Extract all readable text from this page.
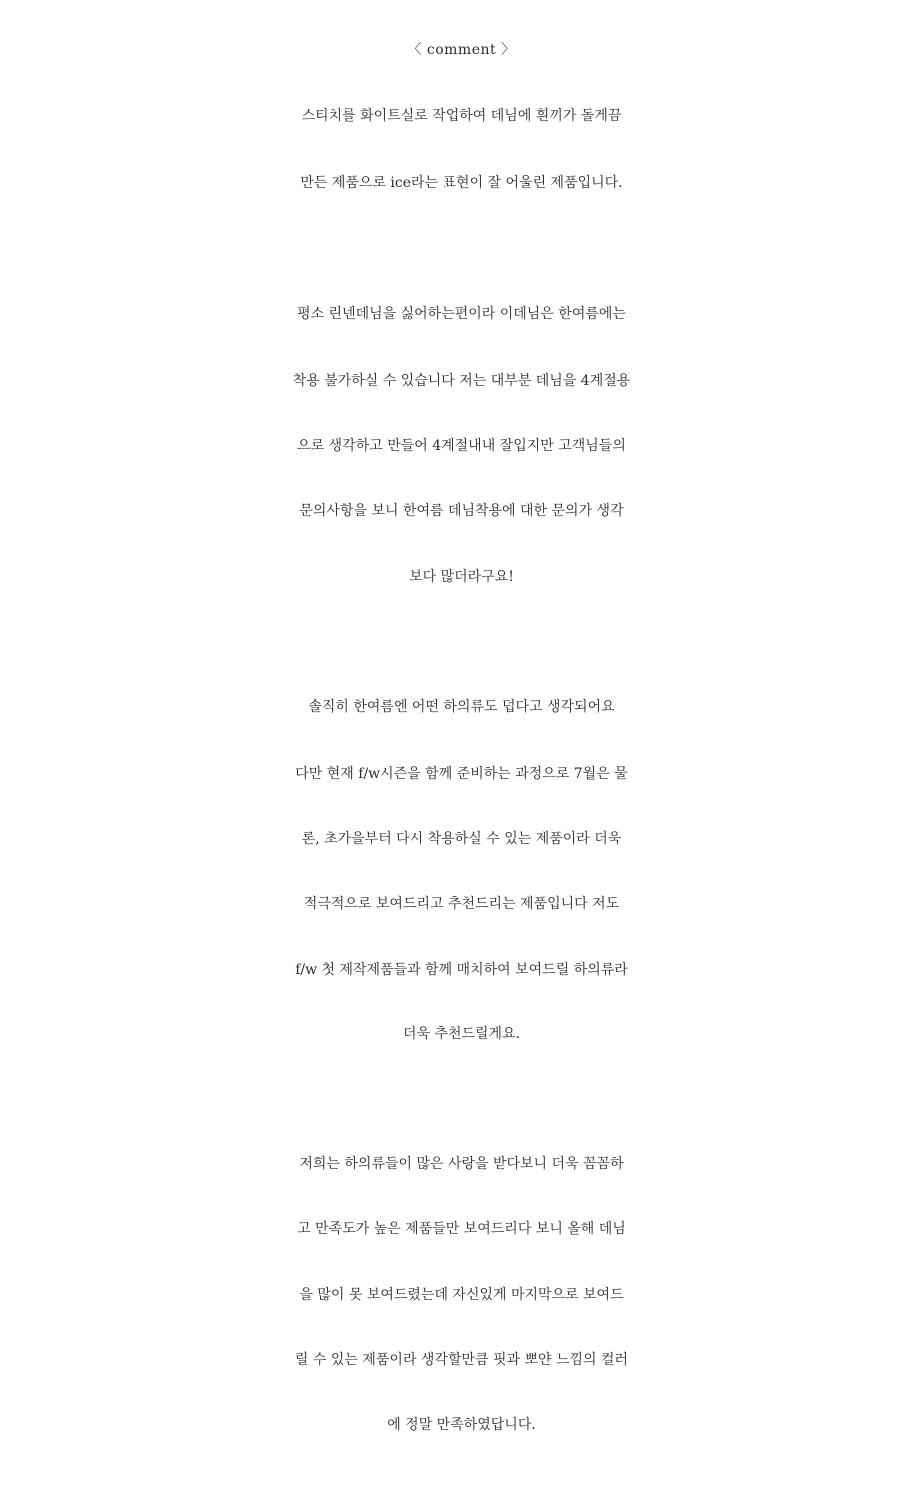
〈 comment 〉
스티치를 화이트실로 작업하여 데님에 흰끼가 돌게끔
만든 제품으로 ice라는 표현이 잘 어울린 제품입니다.
평소 린넨데님을 싫어하는편이라 이데님은 한여름에는
착용 불가하실 수 있습니다 저는 대부분 데님을 4계절용
으로 생각하고 만들어 4계절내내 잘입지만 고객님들의
문의사항을 보니 한여름 데님착용에 대한 문의가 생각
보다 많더라구요!
솔직히 한여름엔 어떤 하의류도 덥다고 생각되어요
다만 현재 f/w시즌을 함께 준비하는 과정으로 7월은 물
론, 초가을부터 다시 착용하실 수 있는 제품이라 더욱
적극적으로 보여드리고 추천드리는 제품입니다 저도
f/w 첫 제작제품들과 함께 매치하여 보여드릴 하의류라
더욱 추천드릴게요.
저희는 하의류들이 많은 사랑을 받다보니 더욱 꼼꼼하
고 만족도가 높은 제품들만 보여드리다 보니 올해 데님
을 많이 못 보여드렸는데 자신있게 마지막으로 보여드
릴 수 있는 제품이라 생각할만큼 핏과 뽀얀 느낌의 컬러
에 정말 만족하였답니다.
